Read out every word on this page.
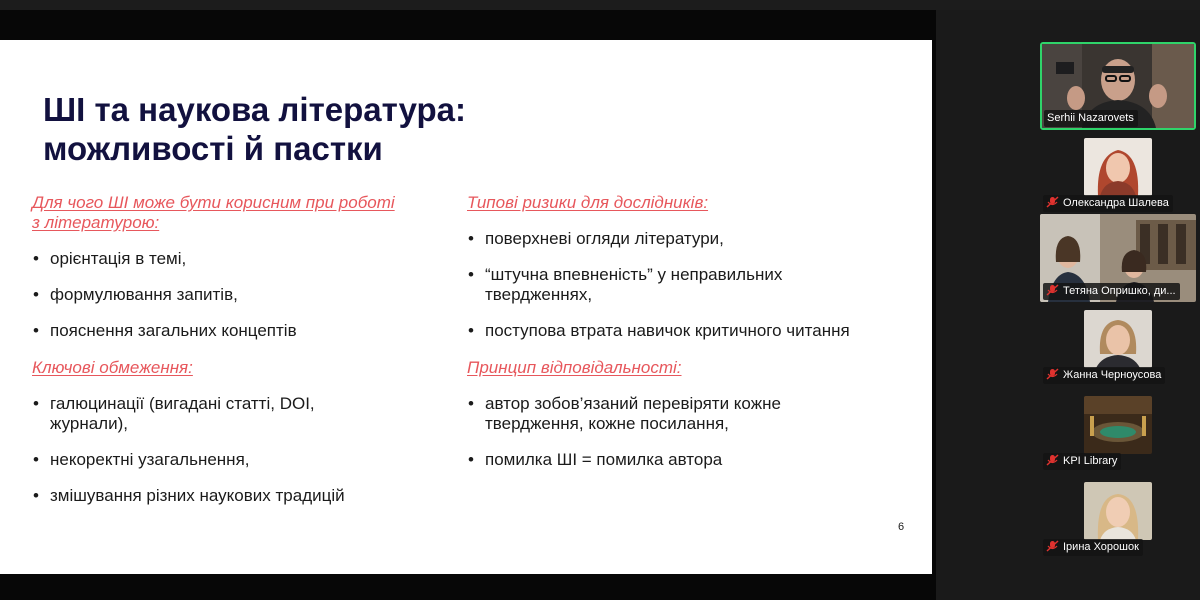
ШІ та наукова література:
можливості й пастки
Для чого ШІ може бути корисним при роботі з літературою:
• орієнтація в темі,
• формулювання запитів,
• пояснення загальних концептів
Ключові обмеження:
• галюцинації (вигадані статті, DOI, журнали),
• некоректні узагальнення,
• змішування різних наукових традицій
Типові ризики для дослідників:
• поверхневі огляди літератури,
• “штучна впевненість” у неправильних твердженнях,
• поступова втрата навичок критичного читання
Принцип відповідальності:
• автор зобов’язаний перевіряти кожне твердження, кожне посилання,
• помилка ШІ = помилка автора
6
Serhii Nazarovets
Олександра Шалева
Тетяна Опришко, ди...
Жанна Черноусова
KPI Library
Ірина Хорошок
